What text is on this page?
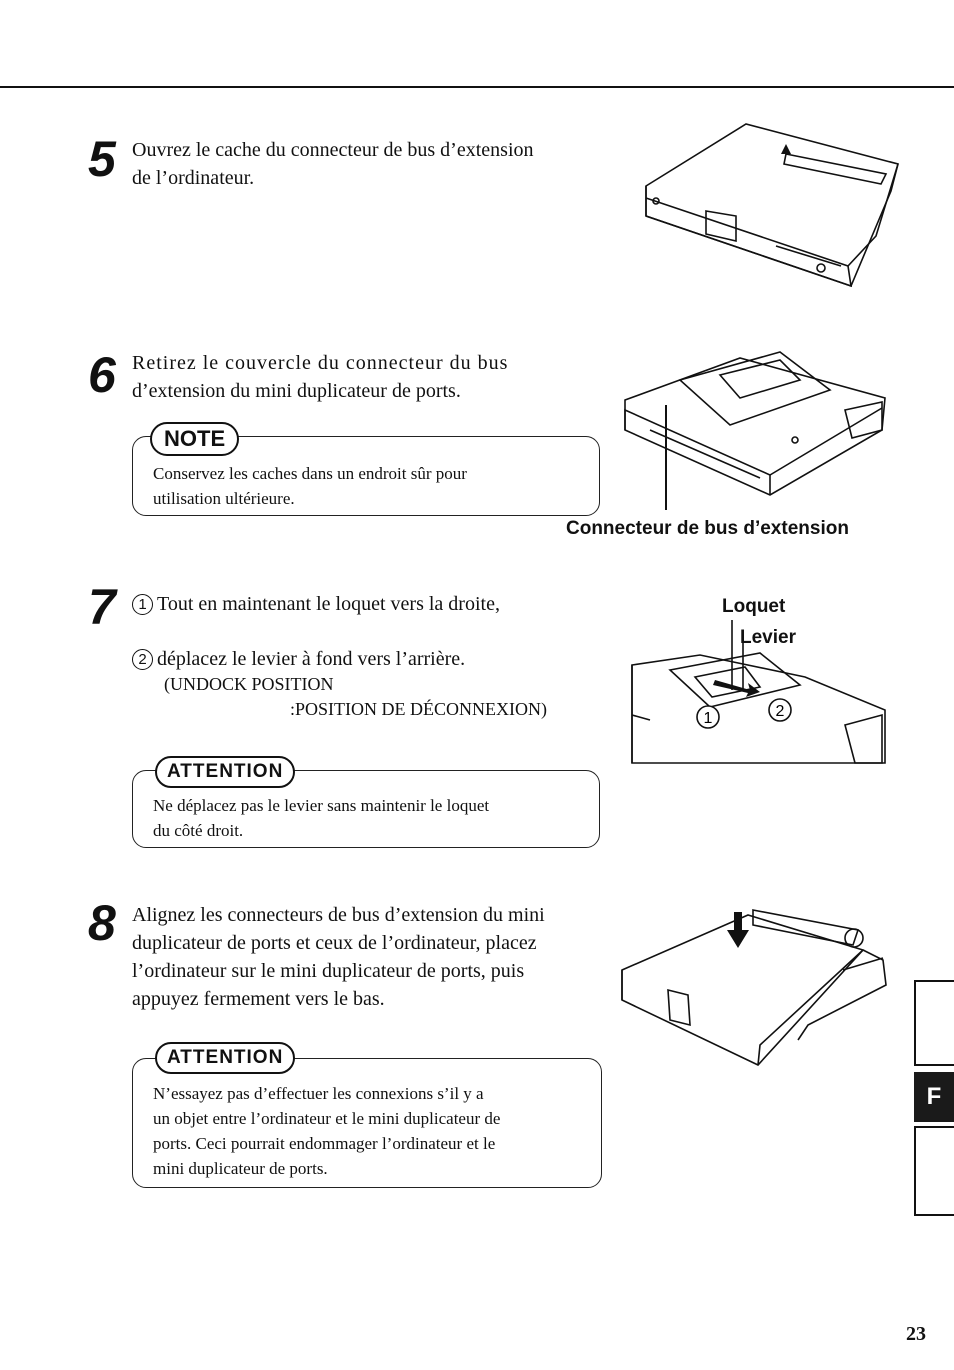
5 Ouvrez le cache du connecteur de bus d’extension
de l’ordinateur.
6 Retirez le couvercle du connecteur du bus
d’extension du mini duplicateur de ports.
Conservez les caches dans un endroit sûr pour
utilisation ultérieure.
NOTE
Connecteur de bus d’extension
7	1 Tout en maintenant le loquet vers la droite,
2 déplacez le levier à fond vers l’arrière.
(UNDOCK POSITION
:POSITION DE DÉCONNEXION)
Ne déplacez pas le levier sans maintenir le loquet
du côté droit.
ATTENTION
Loquet
Levier
1	2
8 Alignez les connecteurs de bus d’extension du mini
duplicateur de ports et ceux de l’ordinateur, placez
l’ordinateur sur le mini duplicateur de ports, puis
appuyez fermement vers le bas.
N’essayez pas d’effectuer les connexions s’il y a
un objet entre l’ordinateur et le mini duplicateur de
ports. Ceci pourrait endommager l’ordinateur et le
mini duplicateur de ports.
ATTENTION
F
23
